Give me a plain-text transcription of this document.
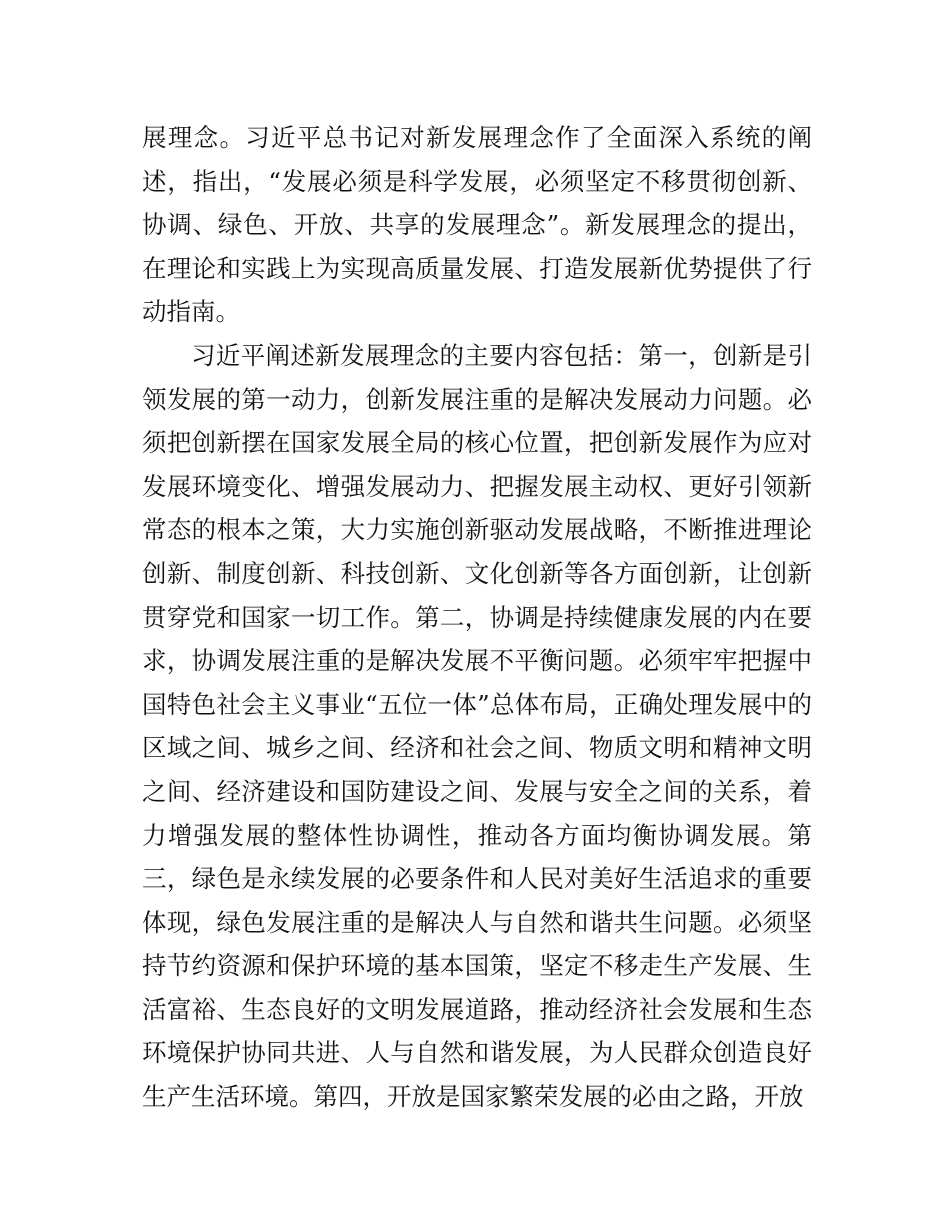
展理念。习近平总书记对新发展理念作了全面深入系统的阐述，指出，“发展必须是科学发展，必须坚定不移贯彻创新、协调、绿色、开放、共享的发展理念”。新发展理念的提出，在理论和实践上为实现高质量发展、打造发展新优势提供了行动指南。

习近平阐述新发展理念的主要内容包括：第一，创新是引领发展的第一动力，创新发展注重的是解决发展动力问题。必须把创新摆在国家发展全局的核心位置，把创新发展作为应对发展环境变化、增强发展动力、把握发展主动权、更好引领新常态的根本之策，大力实施创新驱动发展战略，不断推进理论创新、制度创新、科技创新、文化创新等各方面创新，让创新贯穿党和国家一切工作。第二，协调是持续健康发展的内在要求，协调发展注重的是解决发展不平衡问题。必须牢牢把握中国特色社会主义事业“五位一体”总体布局，正确处理发展中的区域之间、城乡之间、经济和社会之间、物质文明和精神文明之间、经济建设和国防建设之间、发展与安全之间的关系，着力增强发展的整体性协调性，推动各方面均衡协调发展。第三，绿色是永续发展的必要条件和人民对美好生活追求的重要体现，绿色发展注重的是解决人与自然和谐共生问题。必须坚持节约资源和保护环境的基本国策，坚定不移走生产发展、生活富裕、生态良好的文明发展道路，推动经济社会发展和生态环境保护协同共进、人与自然和谐发展，为人民群众创造良好生产生活环境。第四，开放是国家繁荣发展的必由之路，开放
